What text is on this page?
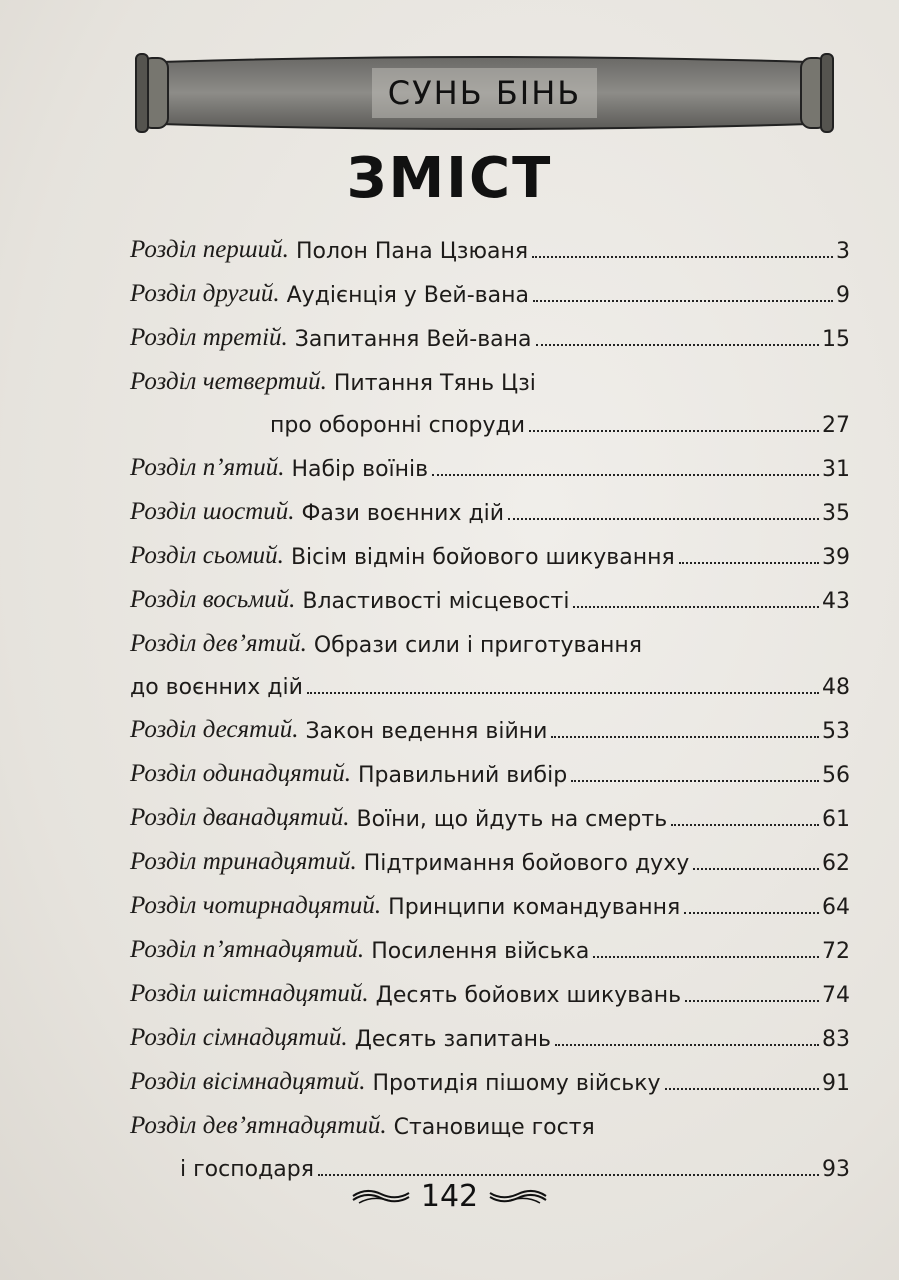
СУНЬ БІНЬ
ЗМІСТ
Розділ перший. Полон Пана Цзюаня	3
Розділ другий. Аудієнція у Вей-вана	9
Розділ третій. Запитання Вей-вана	15
Розділ четвертий. Питання Тянь Цзі
про оборонні споруди	27
Розділ п’ятий. Набір воїнів	31
Розділ шостий. Фази воєнних дій	35
Розділ сьомий. Вісім відмін бойового шикування	39
Розділ восьмий. Властивості місцевості	43
Розділ дев’ятий. Образи сили і приготування
до воєнних дій	48
Розділ десятий. Закон ведення війни	53
Розділ одинадцятий. Правильний вибір	56
Розділ дванадцятий. Воїни, що йдуть на смерть	61
Розділ тринадцятий. Підтримання бойового духу	62
Розділ чотирнадцятий. Принципи командування	64
Розділ п’ятнадцятий. Посилення війська	72
Розділ шістнадцятий. Десять бойових шикувань	74
Розділ сімнадцятий. Десять запитань	83
Розділ вісімнадцятий. Протидія пішому війську	91
Розділ дев’ятнадцятий. Становище гостя
і господаря	93
142
